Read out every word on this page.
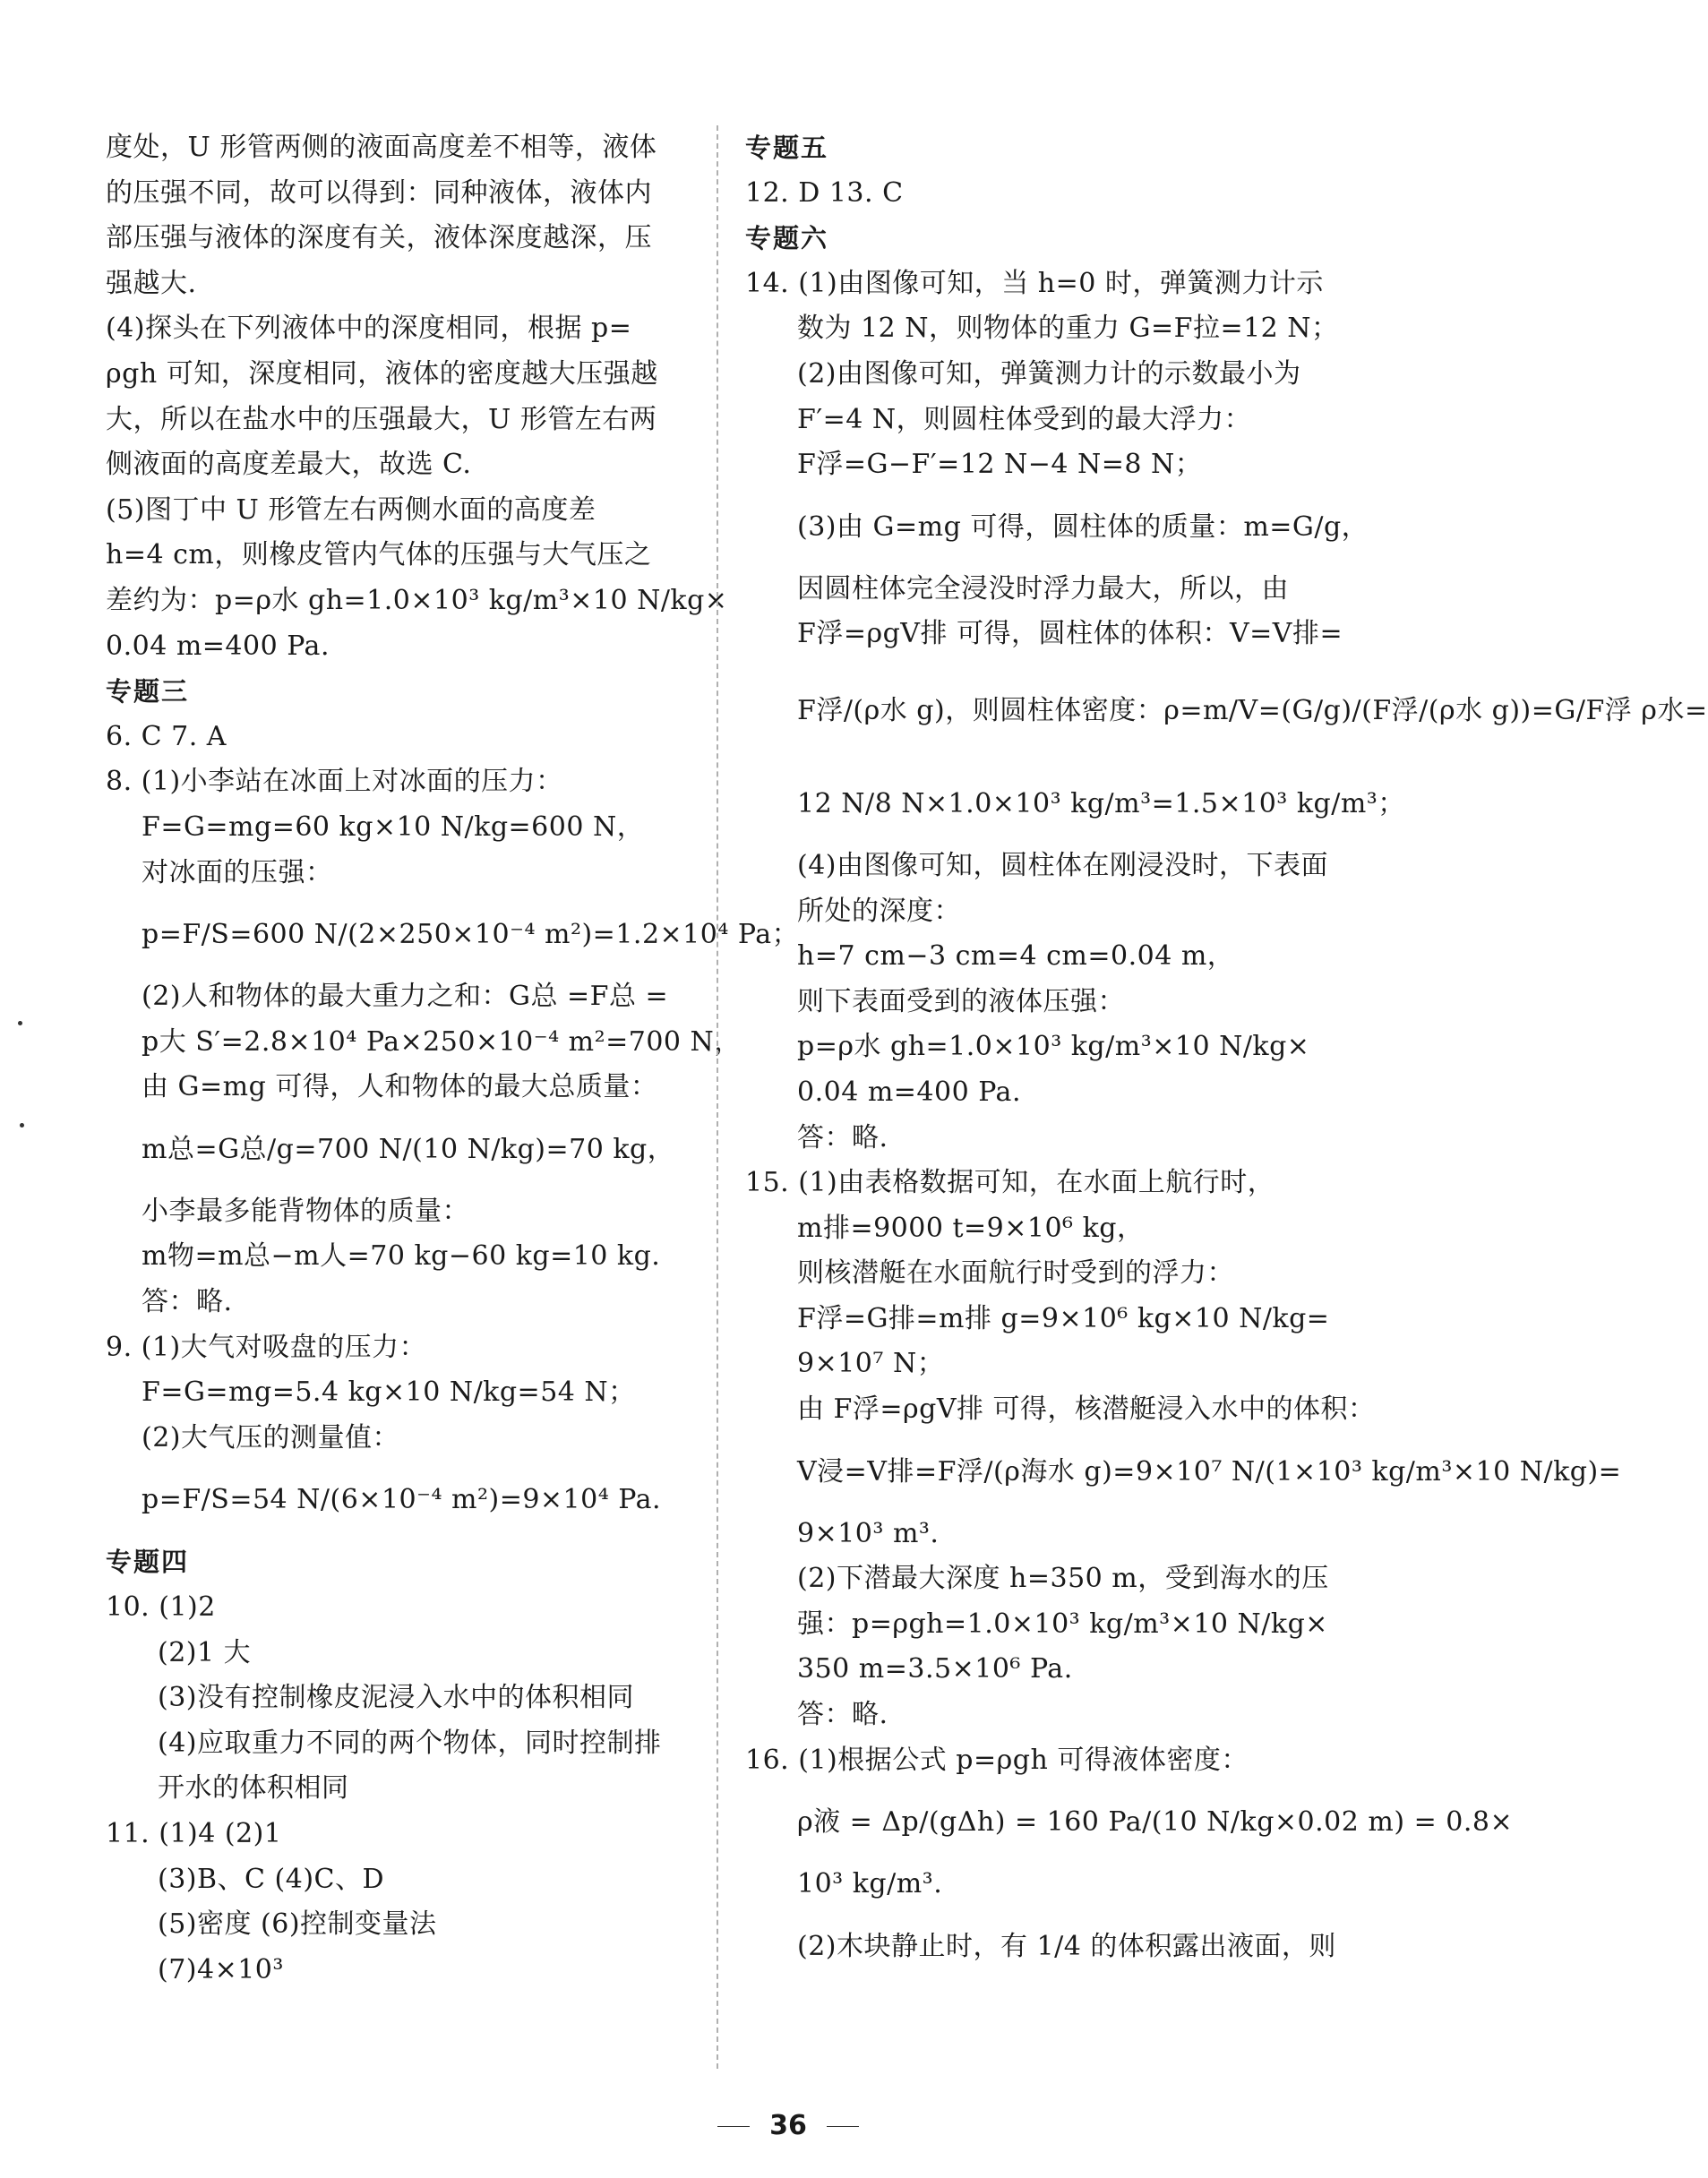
度处，U 形管两侧的液面高度差不相等，液体
的压强不同，故可以得到：同种液体，液体内
部压强与液体的深度有关，液体深度越深，压
强越大.
(4)探头在下列液体中的深度相同，根据 p=
ρgh 可知，深度相同，液体的密度越大压强越
大，所以在盐水中的压强最大，U 形管左右两
侧液面的高度差最大，故选 C.
(5)图丁中 U 形管左右两侧水面的高度差
h=4 cm，则橡皮管内气体的压强与大气压之
差约为：p=ρ水 gh=1.0×10³ kg/m³×10 N/kg×
0.04 m=400 Pa.
专题三
6. C 7. A
8. (1)小李站在冰面上对冰面的压力：
F=G=mg=60 kg×10 N/kg=600 N，
对冰面的压强：
p=F/S=600 N/(2×250×10⁻⁴ m²)=1.2×10⁴ Pa；
(2)人和物体的最大重力之和：G总 =F总 =
p大 S′=2.8×10⁴ Pa×250×10⁻⁴ m²=700 N，
由 G=mg 可得，人和物体的最大总质量：
m总=G总/g=700 N/(10 N/kg)=70 kg，
小李最多能背物体的质量：
m物=m总−m人=70 kg−60 kg=10 kg.
答：略.
9. (1)大气对吸盘的压力：
F=G=mg=5.4 kg×10 N/kg=54 N；
(2)大气压的测量值：
p=F/S=54 N/(6×10⁻⁴ m²)=9×10⁴ Pa.
专题四
10. (1)2
(2)1 大
(3)没有控制橡皮泥浸入水中的体积相同
(4)应取重力不同的两个物体，同时控制排
开水的体积相同
11. (1)4 (2)1
(3)B、C (4)C、D
(5)密度 (6)控制变量法
(7)4×10³
专题五
12. D 13. C
专题六
14. (1)由图像可知，当 h=0 时，弹簧测力计示
数为 12 N，则物体的重力 G=F拉=12 N；
(2)由图像可知，弹簧测力计的示数最小为
F′=4 N，则圆柱体受到的最大浮力：
F浮=G−F′=12 N−4 N=8 N；
(3)由 G=mg 可得，圆柱体的质量：m=G/g，
因圆柱体完全浸没时浮力最大，所以，由
F浮=ρgV排 可得，圆柱体的体积：V=V排=
F浮/(ρ水 g)，则圆柱体密度：ρ=m/V=(G/g)/(F浮/(ρ水 g))=G/F浮 ρ水=
12 N/8 N×1.0×10³ kg/m³=1.5×10³ kg/m³；
(4)由图像可知，圆柱体在刚浸没时，下表面
所处的深度：
h=7 cm−3 cm=4 cm=0.04 m，
则下表面受到的液体压强：
p=ρ水 gh=1.0×10³ kg/m³×10 N/kg×
0.04 m=400 Pa.
答：略.
15. (1)由表格数据可知，在水面上航行时，
m排=9000 t=9×10⁶ kg，
则核潜艇在水面航行时受到的浮力：
F浮=G排=m排 g=9×10⁶ kg×10 N/kg=
9×10⁷ N；
由 F浮=ρgV排 可得，核潜艇浸入水中的体积：
V浸=V排=F浮/(ρ海水 g)=9×10⁷ N/(1×10³ kg/m³×10 N/kg)=
9×10³ m³.
(2)下潜最大深度 h=350 m，受到海水的压
强：p=ρgh=1.0×10³ kg/m³×10 N/kg×
350 m=3.5×10⁶ Pa.
答：略.
16. (1)根据公式 p=ρgh 可得液体密度：
ρ液 = Δp/(gΔh) = 160 Pa/(10 N/kg×0.02 m) = 0.8×
10³ kg/m³.
(2)木块静止时，有 1/4 的体积露出液面，则
36
